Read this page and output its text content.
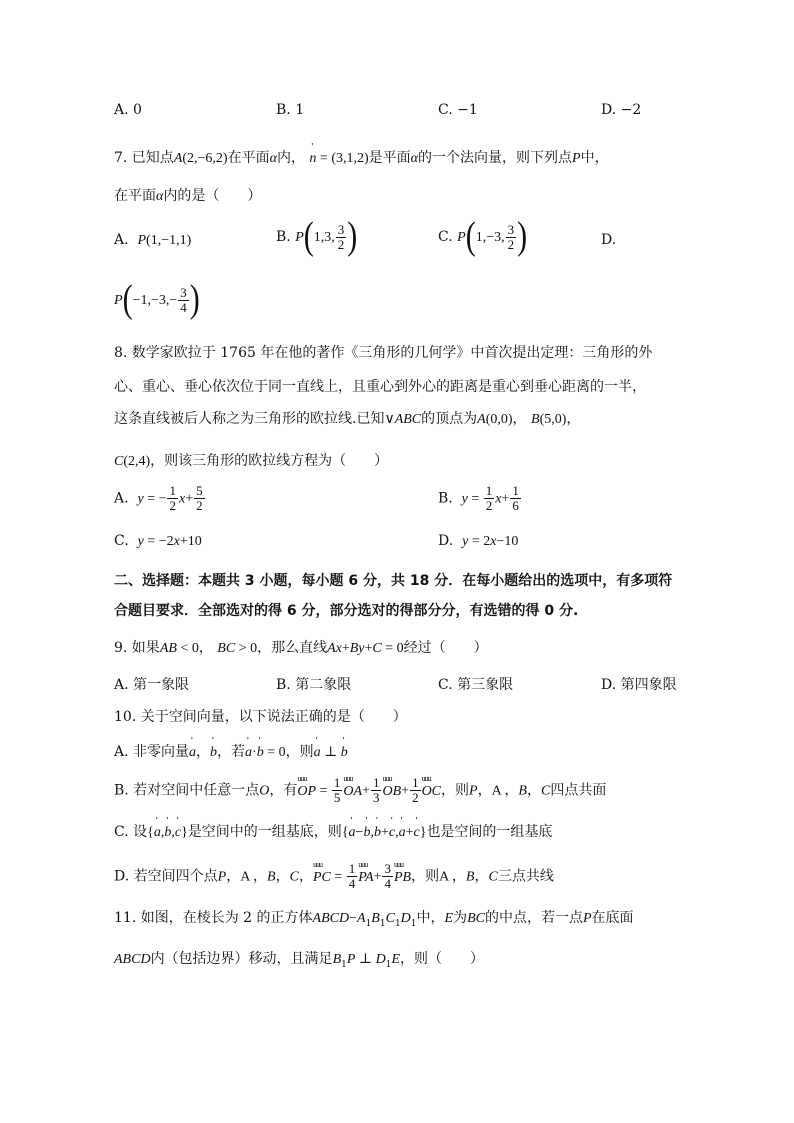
A. 0	B. 1	C. −1	D. −2
7. 已知点A(2,−6,2)在平面α内， ' n = (3,1,2)是平面α的一个法向量，则下列点P中，
在平面α内的是（　　）
A. P(1,−1,1)	B. P(1,3, $\frac{3}{2}$ )	C. P(1,−3, $\frac{3}{2}$ )	D.
$P(-1,-3,- \frac{3}{4}$ )
8. 数学家欧拉于 1765 年在他的著作《三角形的几何学》中首次提出定理：三角形的外
心、重心、垂心依次位于同一直线上，且重心到外心的距离是重心到垂心距离的一半，
这条直线被后人称之为三角形的欧拉线.已知∨ABC的顶点为A(0,0)， B(5,0)，
C(2,4)，则该三角形的欧拉线方程为（　　）
A. y = − $\frac{1}{2} x+ \frac{5}{2}$	B. $y = \frac{1}{2} x+ \frac{1}{6}$
C. y = −2x+10	D. y = 2x−10
二、选择题：本题共 3 小题，每小题 6 分，共 18 分．在每小题给出的选项中，有多项符
合题目要求．全部选对的得 6 分，部分选对的得部分分，有选错的得 0 分.
9. 如果AB < 0， BC > 0，那么直线Ax+By+C = 0经过（　　）
A. 第一象限	B. 第二象限	C. 第三象限	D. 第四象限
10. 关于空间向量，以下说法正确的是（　　）
A. 非零向量' a，' b，若' a·' b = 0，则' a ⊥ ' b
B. 若对空间中任意一点O，有uuu OP = $\frac{1}{5}$ uuu $OA+ \frac{1}{3}$ uuu $OB+ \frac{1}{2}$ uuu OC，则P，A ，B，C四点共面
C. 设{' a,' b,' c}是空间中的一组基底，则{' a−' b,' b+' c,' a+' c}也是空间的一组基底
D. 若空间四个点P，A ，B，C，uuu PC = $\frac{1}{4}$ uuu $PA+ \frac{3}{4}$ uuu PB，则A ，B，C三点共线
11. 如图，在棱长为 2 的正方体$ABCD-A_1B_1C_1D_1$中，E为BC的中点，若一点P在底面
ABCD内（包括边界）移动，且满足$B_1P$ ⊥ $D_1E$，则（　　）
